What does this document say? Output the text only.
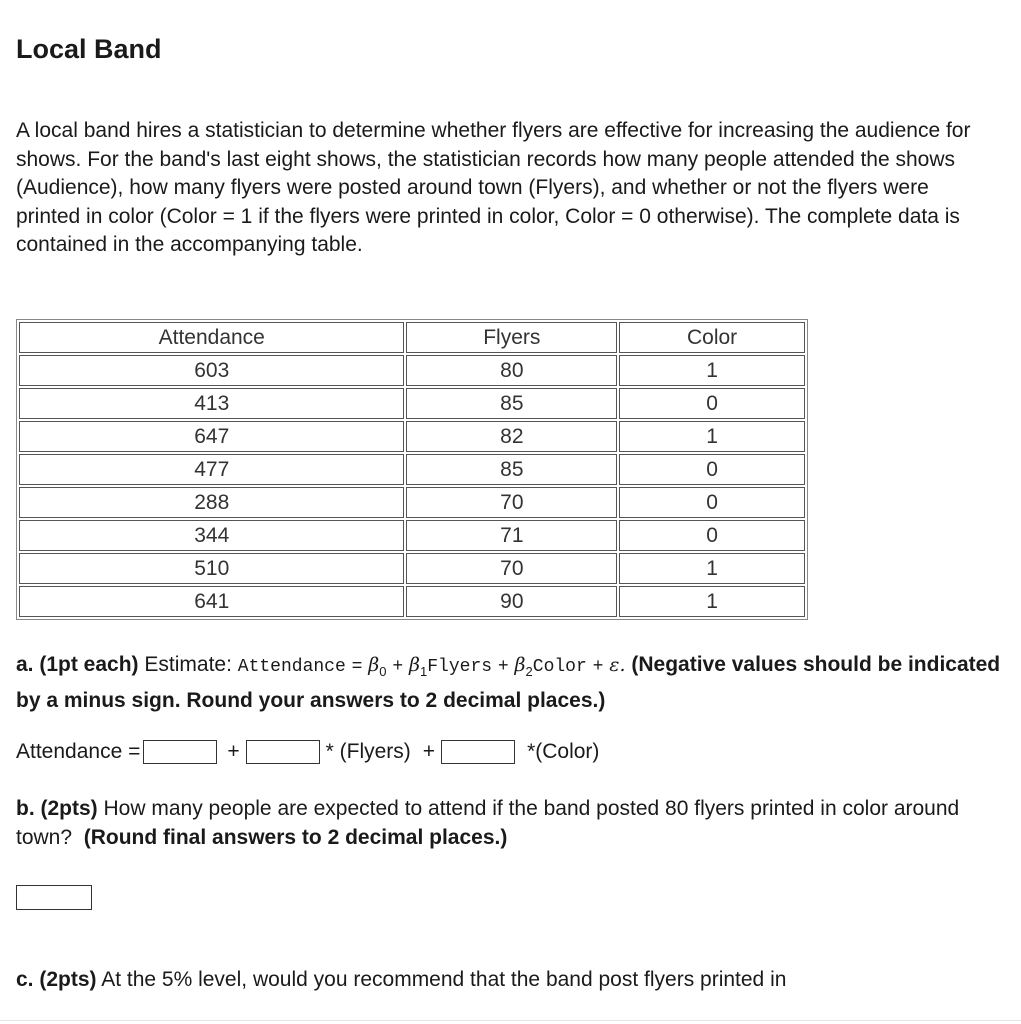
Local Band

A local band hires a statistician to determine whether flyers are effective for increasing the audience for shows. For the band's last eight shows, the statistician records how many people attended the shows (Audience), how many flyers were posted around town (Flyers), and whether or not the flyers were printed in color (Color = 1 if the flyers were printed in color, Color = 0 otherwise). The complete data is contained in the accompanying table.

Attendance	Flyers	Color
603	80	1
413	85	0
647	82	1
477	85	0
288	70	0
344	71	0
510	70	1
641	90	1

a. (1pt each) Estimate: Attendance = $\beta_0$ + $\beta_1Flyers$ + $\beta_2Color + \varepsilon$. (Negative values should be indicated by a minus sign. Round your answers to 2 decimal places.)

Attendance =	+	* (Flyers) +	*(Color)

b. (2pts) How many people are expected to attend if the band posted 80 flyers printed in color around town? (Round final answers to 2 decimal places.)

c. (2pts) At the 5% level, would you recommend that the band post flyers printed in
